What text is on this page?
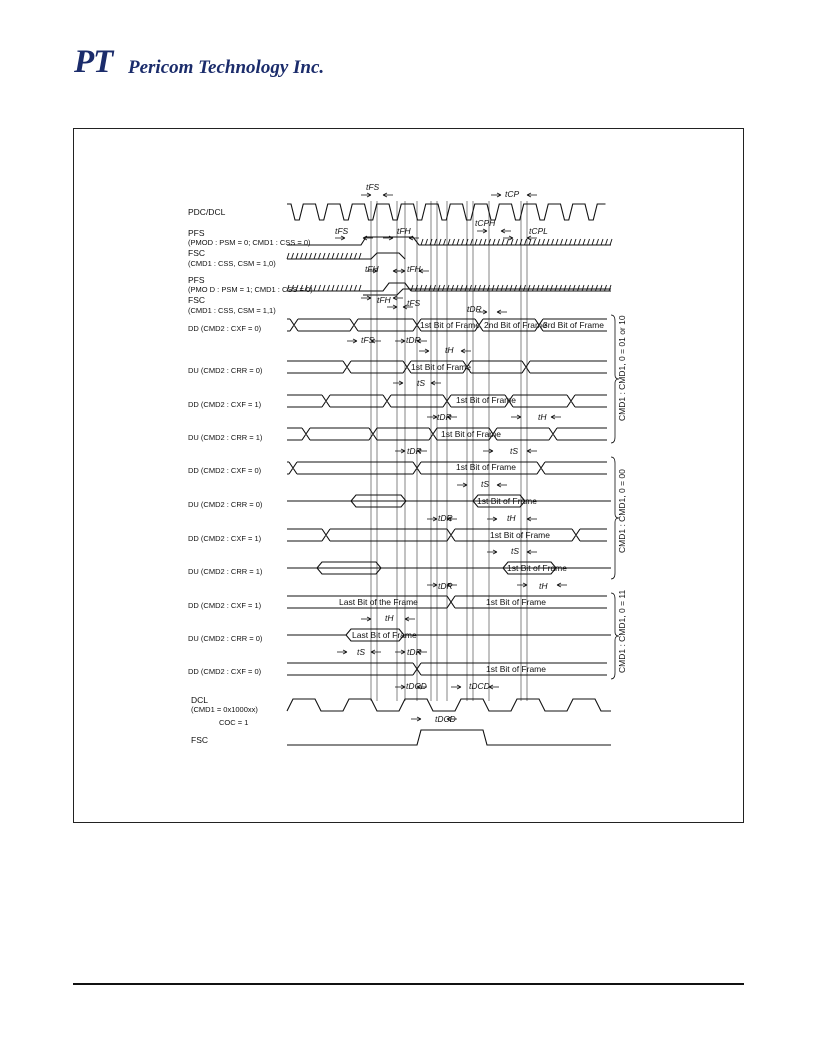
PT Pericom Technology Inc.
PDC/DCL
PFS
(PMOD : PSM = 0; CMD1 : CSS = 0)
FSC
(CMD1 : CSS, CSM = 1,0)
PFS
(PMO D : PSM = 1; CMD1 : CSS = 0)
FSC
(CMD1 : CSS, CSM = 1,1)
DD (CMD2 : CXF = 0)
DU (CMD2 : CRR = 0)
DD (CMD2 : CXF = 1)
DU (CMD2 : CRR = 1)
DD (CMD2 : CXF = 0)
DU (CMD2 : CRR = 0)
DD (CMD2 : CXF = 1)
DU (CMD2 : CRR = 1)
DD (CMD2 : CXF = 1)
DU (CMD2 : CRR = 0)
DD (CMD2 : CXF = 0)
DCL
(CMD1 = 0x1000xx)
COC = 1
FSC
1st Bit of Frame 2nd Bit of Frame
3rd Bit of Frame
1st Bit of Frame
1st Bit of Frame
1st Bit of Frame
1st Bit of Frame
1st Bit of Frame
1st Bit of Frame
1st Bit of Frame
Last Bit of the Frame	1st Bit of Frame
Last Bit of Frame
1st Bit of Frame
tFS
tCP
tCPH
tFS	tFH	tCPL
tFH	tFH
tFH tFS
tDR
tFS	tDR
tH
tS
tDR	tH
tDR	tS
tS
tDR	tH
tS
tDR	tH
tH
tS	tDR
tDCD	tDCD
tDCD
CMD1 : CMD1, 0 = 01 or 10
CMD1 : CMD1, 0 = 00
CMD1 : CMD1, 0 = 11
